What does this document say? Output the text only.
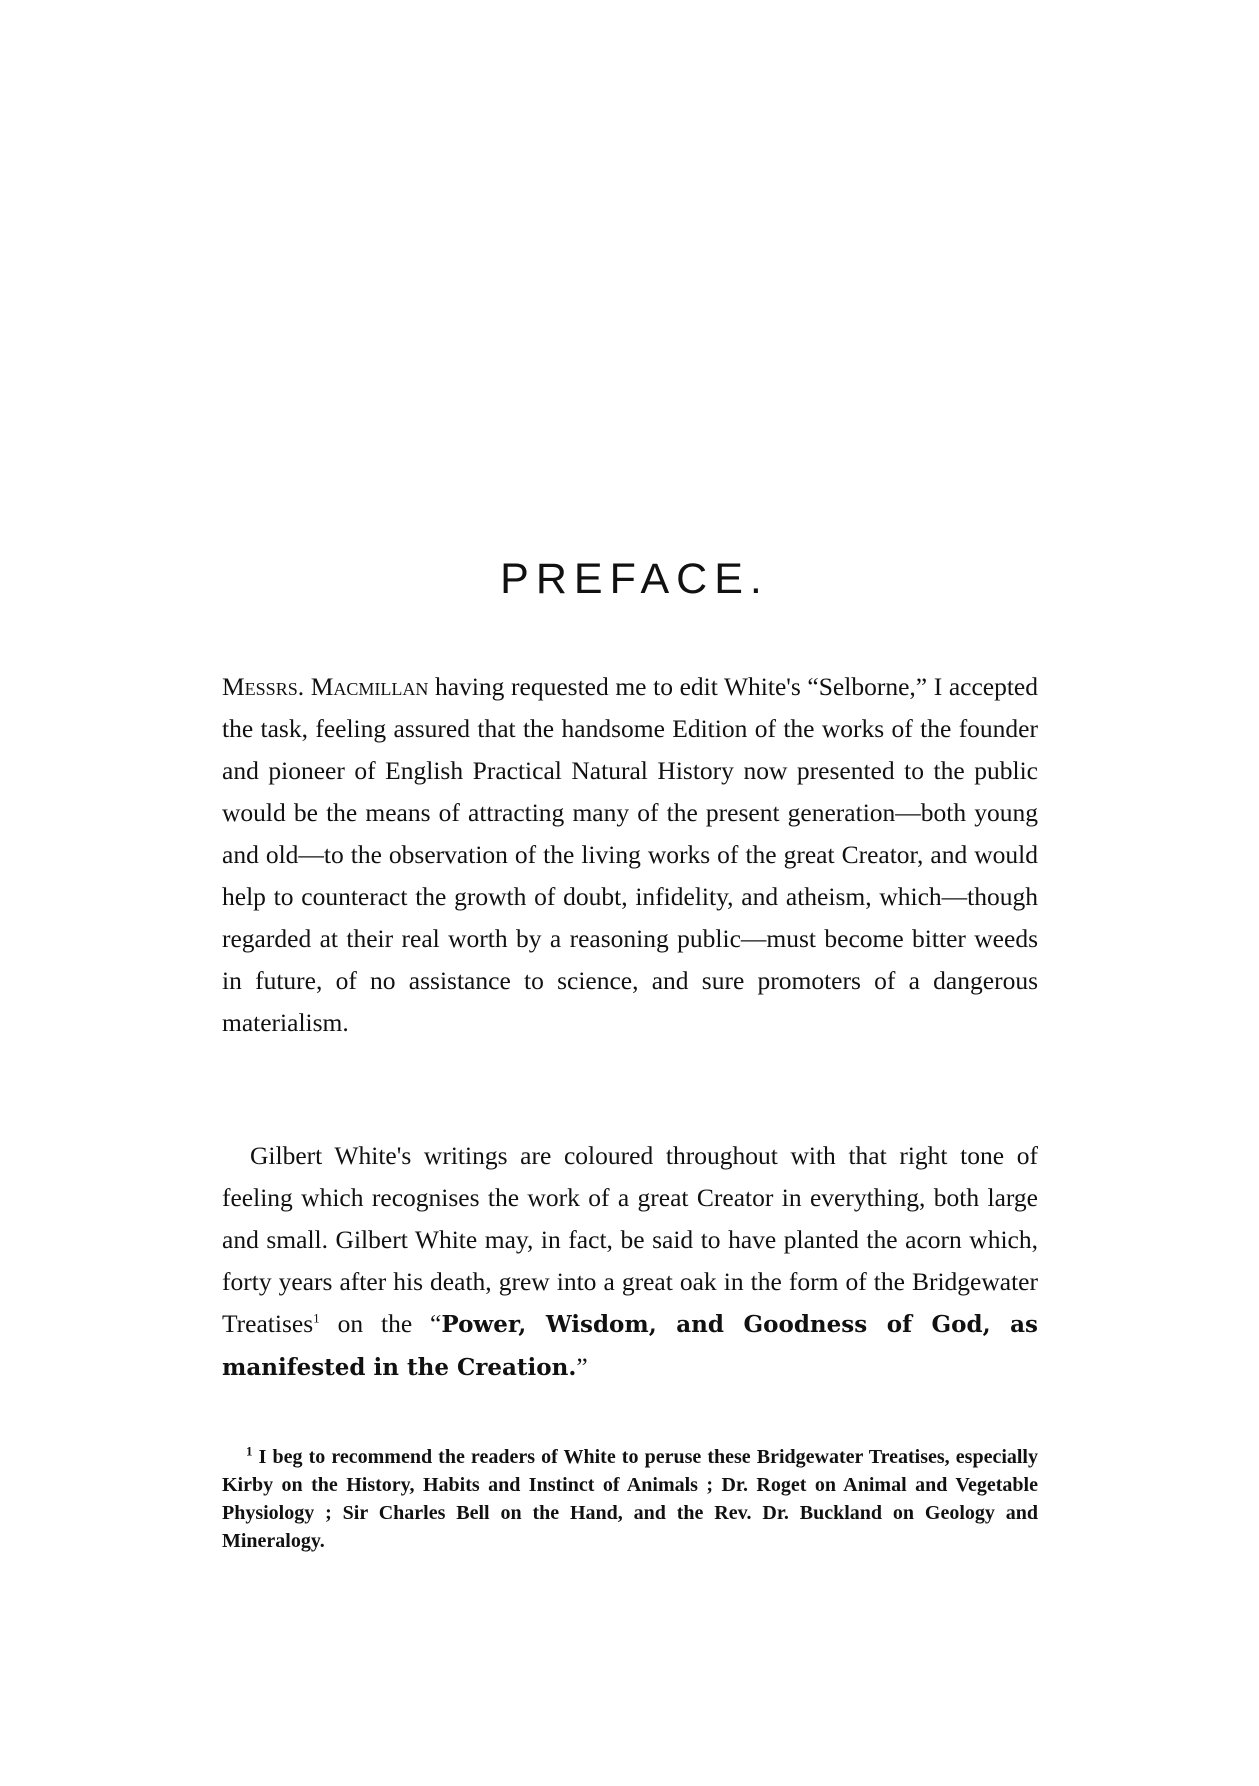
PREFACE.

Messrs. Macmillan having requested me to edit White's “Selborne,” I accepted the task, feeling assured that the handsome Edition of the works of the founder and pioneer of English Practical Natural History now presented to the public would be the means of attracting many of the present generation—both young and old—to the observation of the living works of the great Creator, and would help to counteract the growth of doubt, infidelity, and atheism, which—though regarded at their real worth by a reasoning public—must become bitter weeds in future, of no assistance to science, and sure promoters of a dangerous materialism.

Gilbert White's writings are coloured throughout with that right tone of feeling which recognises the work of a great Creator in everything, both large and small. Gilbert White may, in fact, be said to have planted the acorn which, forty years after his death, grew into a great oak in the form of the Bridgewater Treatises$^1$ on the “Power, Wisdom, and Goodness of God, as manifested in the Creation.”

$^1$ I beg to recommend the readers of White to peruse these Bridgewater Treatises, especially Kirby on the History, Habits and Instinct of Animals ; Dr. Roget on Animal and Vegetable Physiology ; Sir Charles Bell on the Hand, and the Rev. Dr. Buckland on Geology and Mineralogy.
